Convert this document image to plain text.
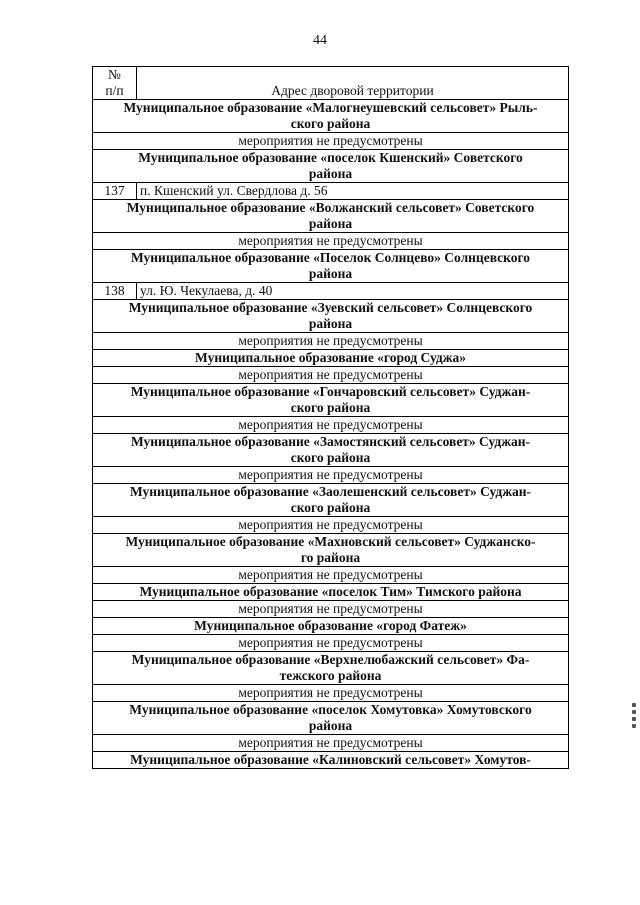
44
№
п/п	Адрес дворовой территории

Муниципальное образование «Малогнеушевский сельсовет» Рыль-
ского района	

мероприятия не предусмотрены	

Муниципальное образование «поселок Кшенский» Советского
района	

137	п. Кшенский ул. Свердлова д. 56

Муниципальное образование «Волжанский сельсовет» Советского
района	

мероприятия не предусмотрены	

Муниципальное образование «Поселок Солнцево» Солнцевского
района	

138	ул. Ю. Чекулаева, д. 40

Муниципальное образование «Зуевский сельсовет» Солнцевского
района	

мероприятия не предусмотрены	

Муниципальное образование «город Суджа»	

мероприятия не предусмотрены	

Муниципальное образование «Гончаровский сельсовет» Суджан-
ского района	

мероприятия не предусмотрены	

Муниципальное образование «Замостянский сельсовет» Суджан-
ского района	

мероприятия не предусмотрены	

Муниципальное образование «Заолешенский сельсовет» Суджан-
ского района	

мероприятия не предусмотрены	

Муниципальное образование «Махновский сельсовет» Суджанско-
го района	

мероприятия не предусмотрены	

Муниципальное образование «поселок Тим» Тимского района	

мероприятия не предусмотрены	

Муниципальное образование «город Фатеж»	

мероприятия не предусмотрены	

Муниципальное образование «Верхнелюбажский сельсовет» Фа-
тежского района	

мероприятия не предусмотрены	

Муниципальное образование «поселок Хомутовка» Хомутовского
района	

мероприятия не предусмотрены	

Муниципальное образование «Калиновский сельсовет» Хомутов-	
